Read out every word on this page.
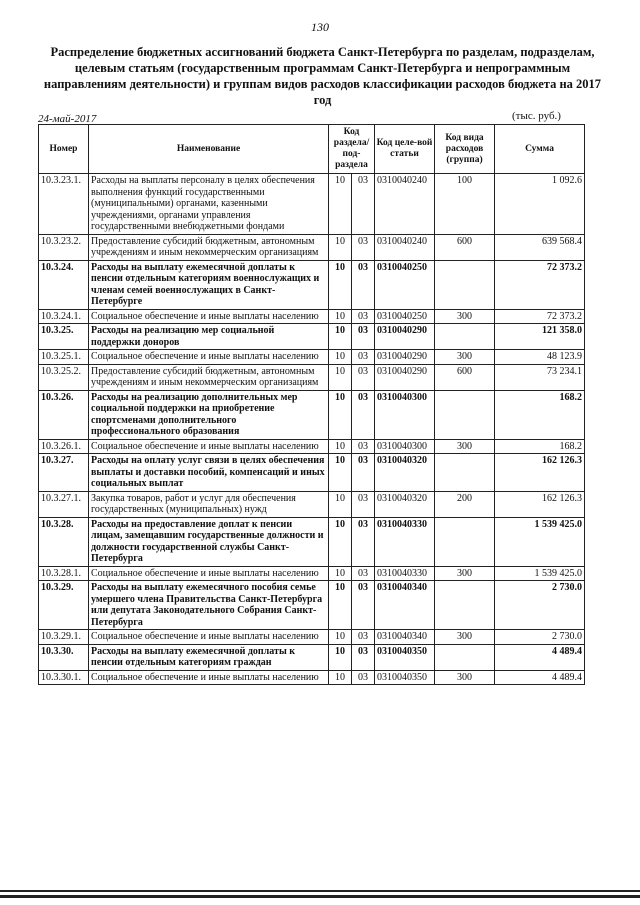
130
Распределение бюджетных ассигнований бюджета Санкт-Петербурга по разделам, подразделам, целевым статьям (государственным программам Санкт-Петербурга и непрограммным направлениям деятельности) и группам видов расходов классификации расходов бюджета на 2017 год
24-май-2017	(тыс. руб.)
Номер	Наименование	Код раздела/ под-раздела		Код целе-вой статьи	Код вида расходов (группа)	Сумма
10.3.23.1.	Расходы на выплаты персоналу в целях обеспечения выполнения функций государственными (муниципальными) органами, казенными учреждениями, органами управления государственными внебюджетными фондами	10	03	0310040240	100	1 092.6
10.3.23.2.	Предоставление субсидий бюджетным, автономным учреждениям и иным некоммерческим организациям	10	03	0310040240	600	639 568.4
10.3.24.	Расходы на выплату ежемесячной доплаты к пенсии отдельным категориям военнослужащих и членам семей военнослужащих в Санкт-Петербурге	10	03	0310040250		72 373.2
10.3.24.1.	Социальное обеспечение и иные выплаты населению	10	03	0310040250	300	72 373.2
10.3.25.	Расходы на реализацию мер социальной поддержки доноров	10	03	0310040290		121 358.0
10.3.25.1.	Социальное обеспечение и иные выплаты населению	10	03	0310040290	300	48 123.9
10.3.25.2.	Предоставление субсидий бюджетным, автономным учреждениям и иным некоммерческим организациям	10	03	0310040290	600	73 234.1
10.3.26.	Расходы на реализацию дополнительных мер социальной поддержки на приобретение спортсменами дополнительного профессионального образования	10	03	0310040300		168.2
10.3.26.1.	Социальное обеспечение и иные выплаты населению	10	03	0310040300	300	168.2
10.3.27.	Расходы на оплату услуг связи в целях обеспечения выплаты и доставки пособий, компенсаций и иных социальных выплат	10	03	0310040320		162 126.3
10.3.27.1.	Закупка товаров, работ и услуг для обеспечения государственных (муниципальных) нужд	10	03	0310040320	200	162 126.3
10.3.28.	Расходы на предоставление доплат к пенсии лицам, замещавшим государственные должности и должности государственной службы Санкт-Петербурга	10	03	0310040330		1 539 425.0
10.3.28.1.	Социальное обеспечение и иные выплаты населению	10	03	0310040330	300	1 539 425.0
10.3.29.	Расходы на выплату ежемесячного пособия семье умершего члена Правительства Санкт-Петербурга или депутата Законодательного Собрания Санкт-Петербурга	10	03	0310040340		2 730.0
10.3.29.1.	Социальное обеспечение и иные выплаты населению	10	03	0310040340	300	2 730.0
10.3.30.	Расходы на выплату ежемесячной доплаты к пенсии отдельным категориям граждан	10	03	0310040350		4 489.4
10.3.30.1.	Социальное обеспечение и иные выплаты населению	10	03	0310040350	300	4 489.4
